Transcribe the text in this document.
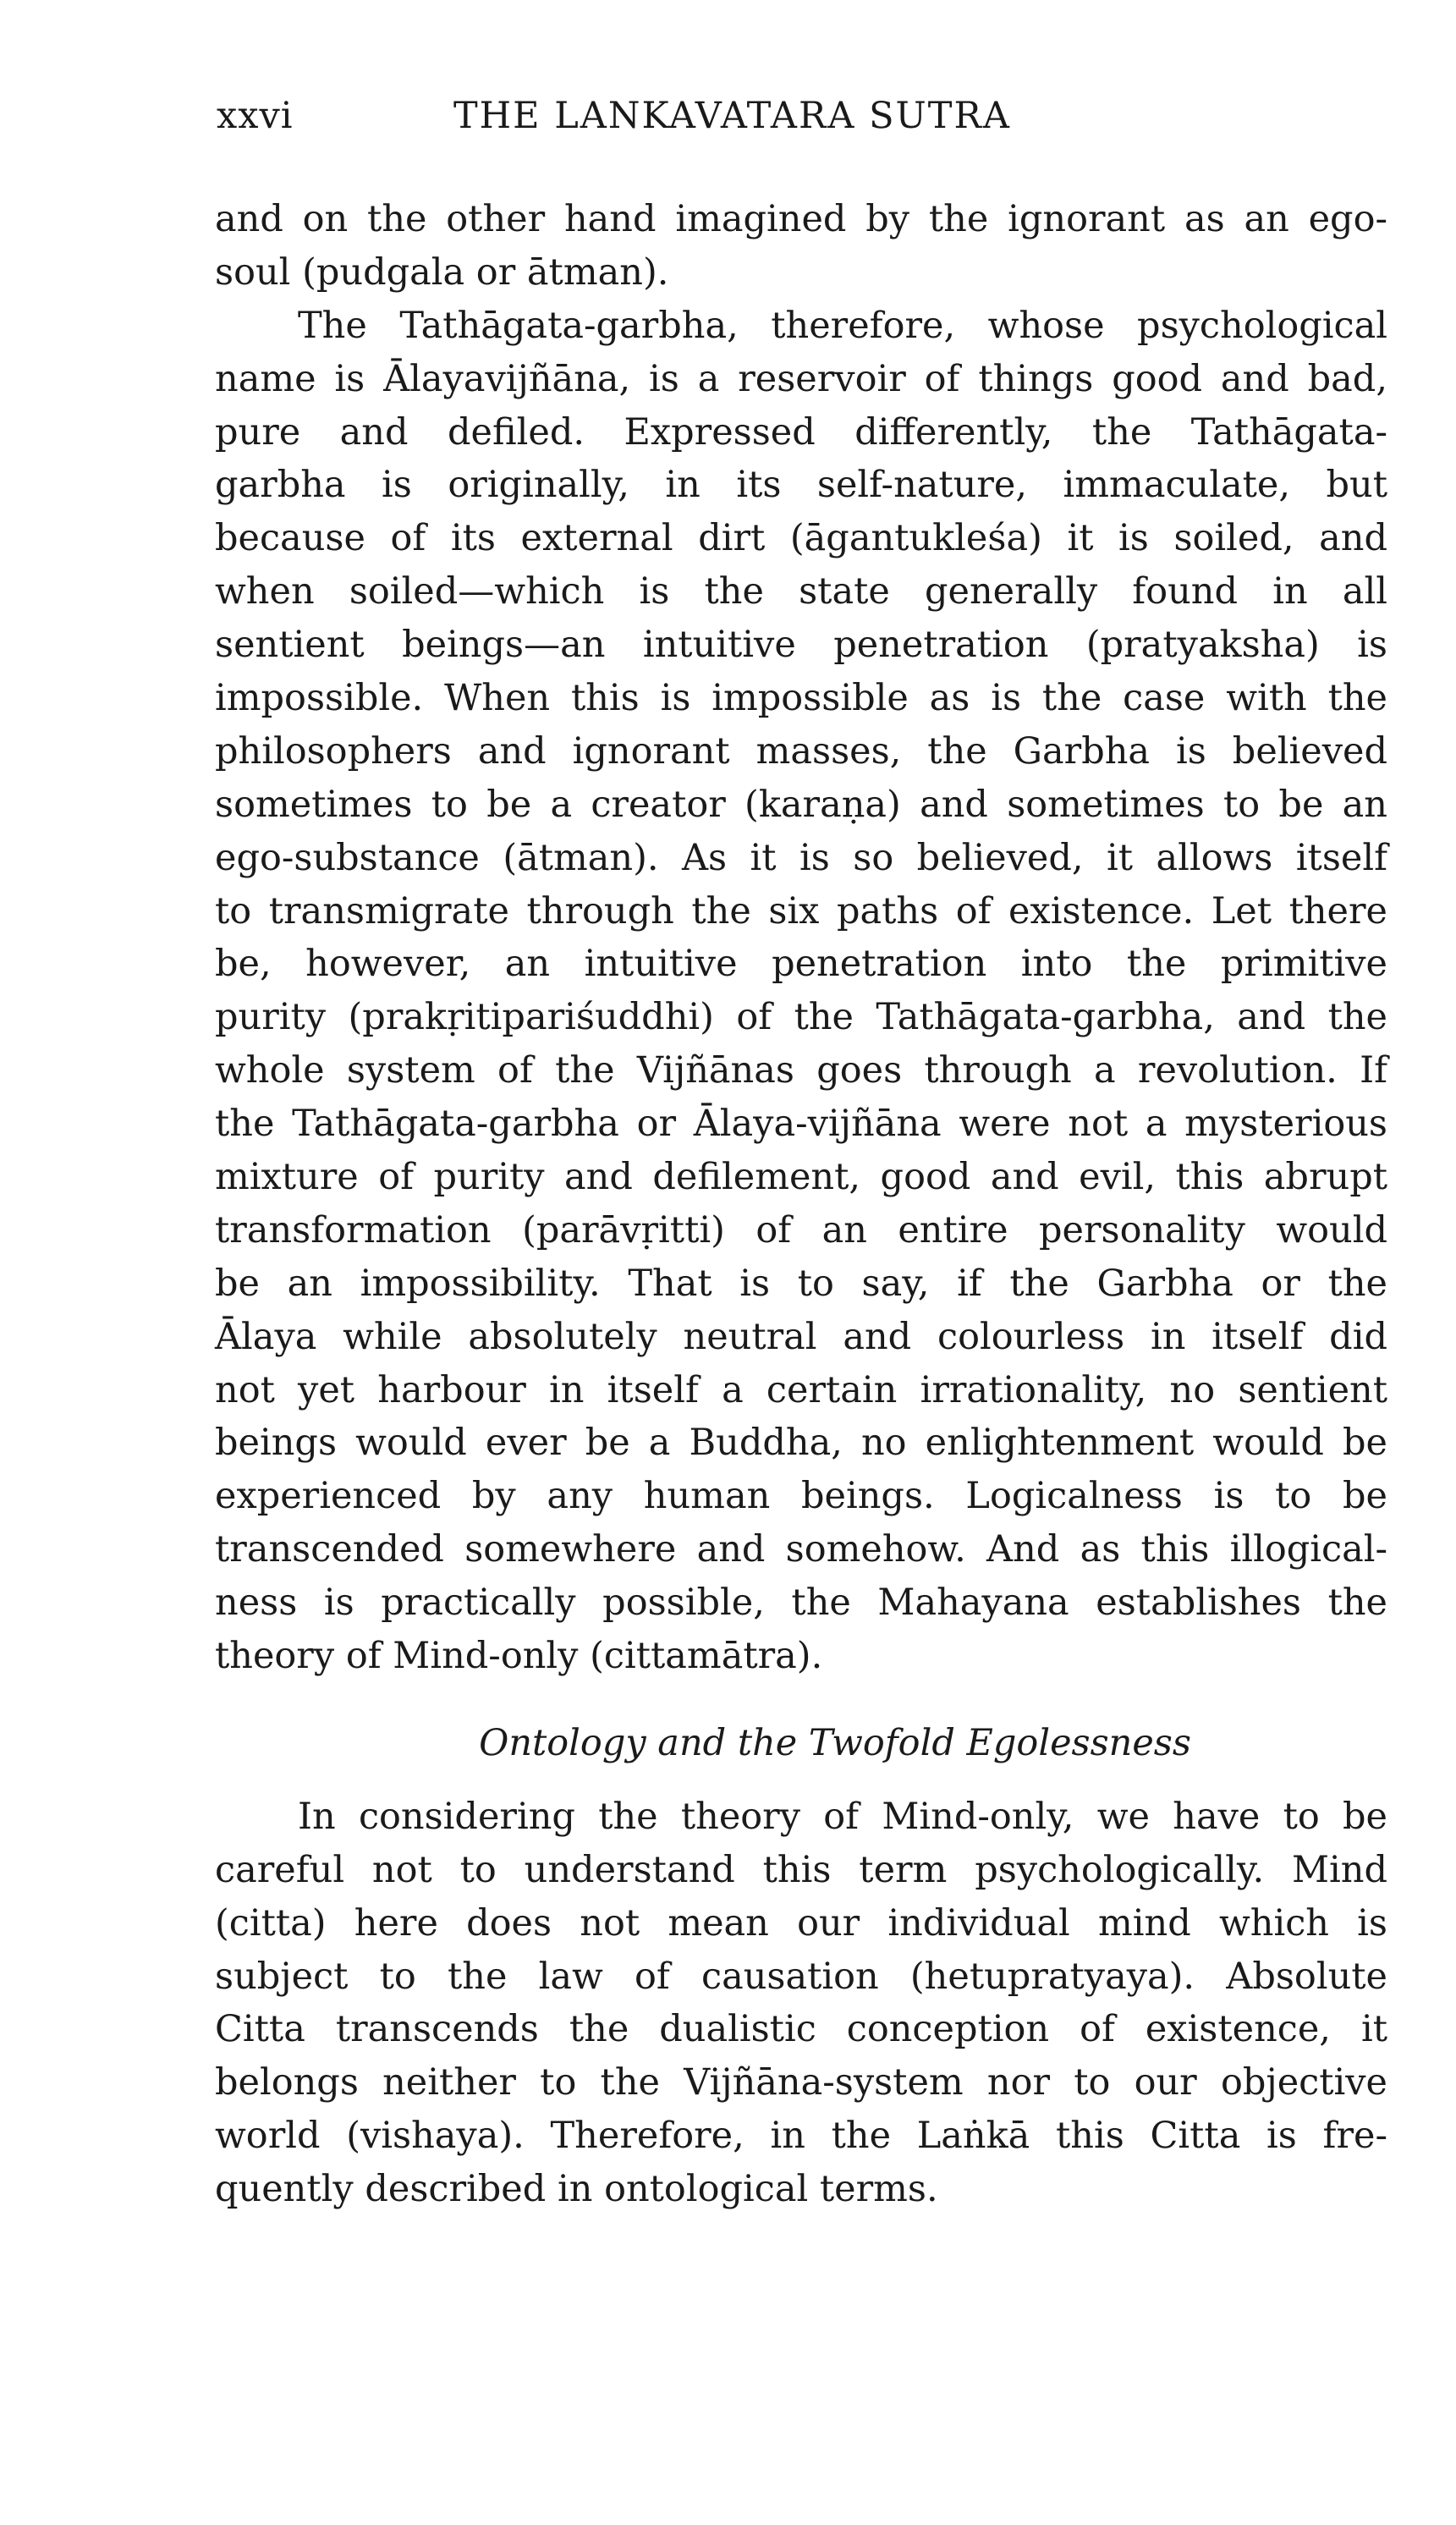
xxvi	THE LANKAVATARA SUTRA
and on the other hand imagined by the ignorant as an ego-
soul (pudgala or ātman).
The Tathāgata-garbha, therefore, whose psychological
name is Ālayavijñāna, is a reservoir of things good and bad,
pure and defiled. Expressed differently, the Tathāgata-
garbha is originally, in its self-nature, immaculate, but
because of its external dirt (āgantukleśa) it is soiled, and
when soiled—which is the state generally found in all
sentient beings—an intuitive penetration (pratyaksha) is
impossible. When this is impossible as is the case with the
philosophers and ignorant masses, the Garbha is believed
sometimes to be a creator (karaṇa) and sometimes to be an
ego-substance (ātman). As it is so believed, it allows itself
to transmigrate through the six paths of existence. Let there
be, however, an intuitive penetration into the primitive
purity (prakṛitipariśuddhi) of the Tathāgata-garbha, and the
whole system of the Vijñānas goes through a revolution. If
the Tathāgata-garbha or Ālaya-vijñāna were not a mysterious
mixture of purity and defilement, good and evil, this abrupt
transformation (parāvṛitti) of an entire personality would
be an impossibility. That is to say, if the Garbha or the
Ālaya while absolutely neutral and colourless in itself did
not yet harbour in itself a certain irrationality, no sentient
beings would ever be a Buddha, no enlightenment would be
experienced by any human beings. Logicalness is to be
transcended somewhere and somehow. And as this illogical-
ness is practically possible, the Mahayana establishes the
theory of Mind-only (cittamātra).
Ontology and the Twofold Egolessness
In considering the theory of Mind-only, we have to be
careful not to understand this term psychologically. Mind
(citta) here does not mean our individual mind which is
subject to the law of causation (hetupratyaya). Absolute
Citta transcends the dualistic conception of existence, it
belongs neither to the Vijñāna-system nor to our objective
world (vishaya). Therefore, in the Laṅkā this Citta is fre-
quently described in ontological terms.
